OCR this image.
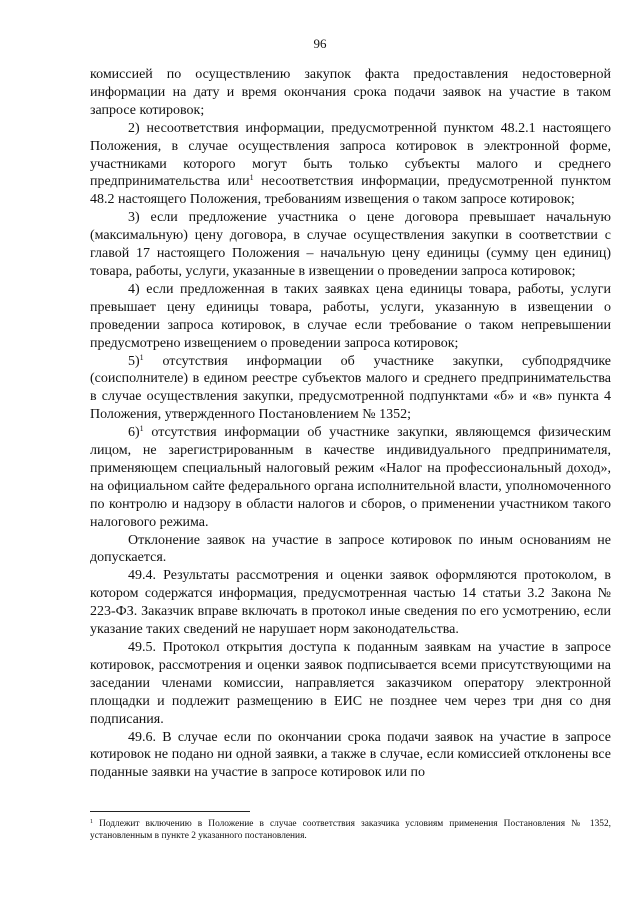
96

комиссией по осуществлению закупок факта предоставления недостоверной информации на дату и время окончания срока подачи заявок на участие в таком запросе котировок;

2) несоответствия информации, предусмотренной пунктом 48.2.1 настоящего Положения, в случае осуществления запроса котировок в электронной форме, участниками которого могут быть только субъекты малого и среднего предпринимательства или$^1$ несоответствия информации, предусмотренной пунктом 48.2 настоящего Положения, требованиям извещения о таком запросе котировок;

3) если предложение участника о цене договора превышает начальную (максимальную) цену договора, в случае осуществления закупки в соответствии с главой 17 настоящего Положения – начальную цену единицы (сумму цен единиц) товара, работы, услуги, указанные в извещении о проведении запроса котировок;

4) если предложенная в таких заявках цена единицы товара, работы, услуги превышает цену единицы товара, работы, услуги, указанную в извещении о проведении запроса котировок, в случае если требование о таком непревышении предусмотрено извещением о проведении запроса котировок;

5)$^1$ отсутствия информации об участнике закупки, субподрядчике (соисполнителе) в едином реестре субъектов малого и среднего предпринимательства в случае осуществления закупки, предусмотренной подпунктами «б» и «в» пункта 4 Положения, утвержденного Постановлением № 1352;

6)$^1$ отсутствия информации об участнике закупки, являющемся физическим лицом, не зарегистрированным в качестве индивидуального предпринимателя, применяющем специальный налоговый режим «Налог на профессиональный доход», на официальном сайте федерального органа исполнительной власти, уполномоченного по контролю и надзору в области налогов и сборов, о применении участником такого налогового режима.

Отклонение заявок на участие в запросе котировок по иным основаниям не допускается.

49.4. Результаты рассмотрения и оценки заявок оформляются протоколом, в котором содержатся информация, предусмотренная частью 14 статьи 3.2 Закона № 223-ФЗ. Заказчик вправе включать в протокол иные сведения по его усмотрению, если указание таких сведений не нарушает норм законодательства.

49.5. Протокол открытия доступа к поданным заявкам на участие в запросе котировок, рассмотрения и оценки заявок подписывается всеми присутствующими на заседании членами комиссии, направляется заказчиком оператору электронной площадки и подлежит размещению в ЕИС не позднее чем через три дня со дня подписания.

49.6. В случае если по окончании срока подачи заявок на участие в запросе котировок не подано ни одной заявки, а также в случае, если комиссией отклонены все поданные заявки на участие в запросе котировок или по

$^1$ Подлежит включению в Положение в случае соответствия заказчика условиям применения Постановления № 1352, установленным в пункте 2 указанного постановления.
